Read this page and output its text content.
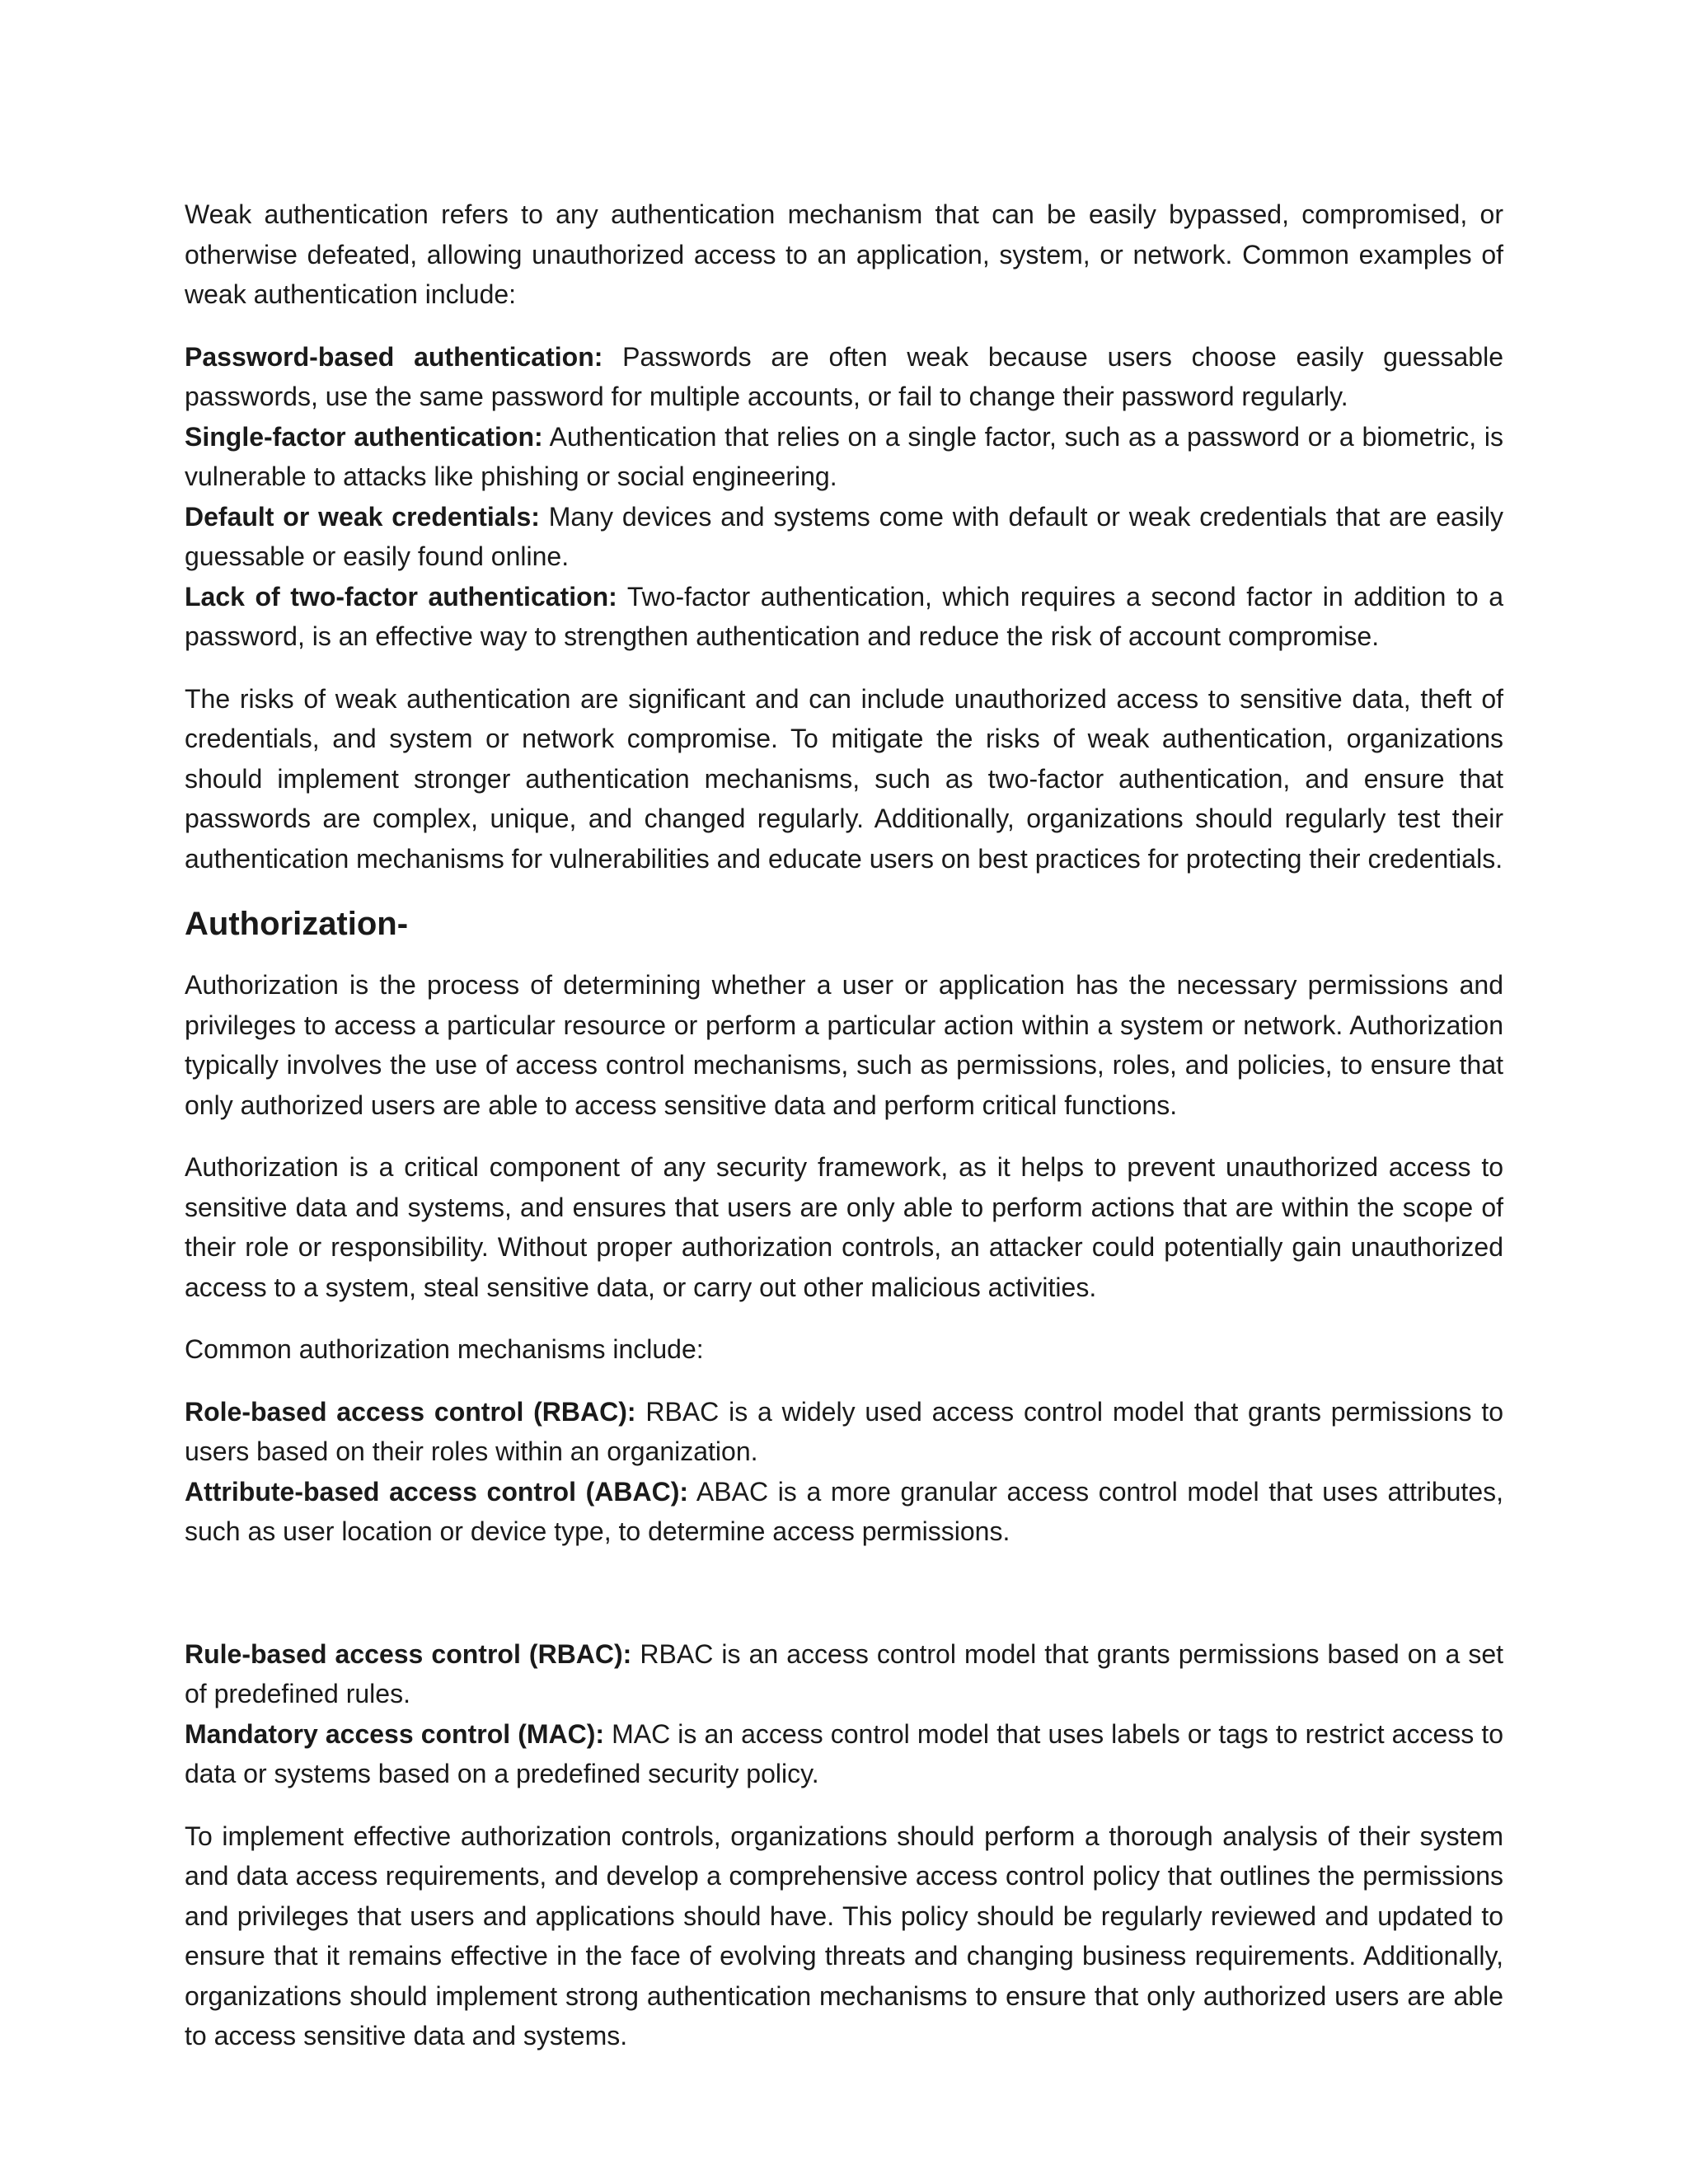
Weak authentication refers to any authentication mechanism that can be easily bypassed, compromised, or otherwise defeated, allowing unauthorized access to an application, system, or network. Common examples of weak authentication include:

Password-based authentication: Passwords are often weak because users choose easily guessable passwords, use the same password for multiple accounts, or fail to change their password regularly.

Single-factor authentication: Authentication that relies on a single factor, such as a password or a biometric, is vulnerable to attacks like phishing or social engineering.

Default or weak credentials: Many devices and systems come with default or weak credentials that are easily guessable or easily found online.

Lack of two-factor authentication: Two-factor authentication, which requires a second factor in addition to a password, is an effective way to strengthen authentication and reduce the risk of account compromise.

The risks of weak authentication are significant and can include unauthorized access to sensitive data, theft of credentials, and system or network compromise. To mitigate the risks of weak authentication, organizations should implement stronger authentication mechanisms, such as two-factor authentication, and ensure that passwords are complex, unique, and changed regularly. Additionally, organizations should regularly test their authentication mechanisms for vulnerabilities and educate users on best practices for protecting their credentials.

Authorization-

Authorization is the process of determining whether a user or application has the necessary permissions and privileges to access a particular resource or perform a particular action within a system or network. Authorization typically involves the use of access control mechanisms, such as permissions, roles, and policies, to ensure that only authorized users are able to access sensitive data and perform critical functions.

Authorization is a critical component of any security framework, as it helps to prevent unauthorized access to sensitive data and systems, and ensures that users are only able to perform actions that are within the scope of their role or responsibility. Without proper authorization controls, an attacker could potentially gain unauthorized access to a system, steal sensitive data, or carry out other malicious activities.

Common authorization mechanisms include:

Role-based access control (RBAC): RBAC is a widely used access control model that grants permissions to users based on their roles within an organization.

Attribute-based access control (ABAC): ABAC is a more granular access control model that uses attributes, such as user location or device type, to determine access permissions.

Rule-based access control (RBAC): RBAC is an access control model that grants permissions based on a set of predefined rules.

Mandatory access control (MAC): MAC is an access control model that uses labels or tags to restrict access to data or systems based on a predefined security policy.

To implement effective authorization controls, organizations should perform a thorough analysis of their system and data access requirements, and develop a comprehensive access control policy that outlines the permissions and privileges that users and applications should have. This policy should be regularly reviewed and updated to ensure that it remains effective in the face of evolving threats and changing business requirements. Additionally, organizations should implement strong authentication mechanisms to ensure that only authorized users are able to access sensitive data and systems.
